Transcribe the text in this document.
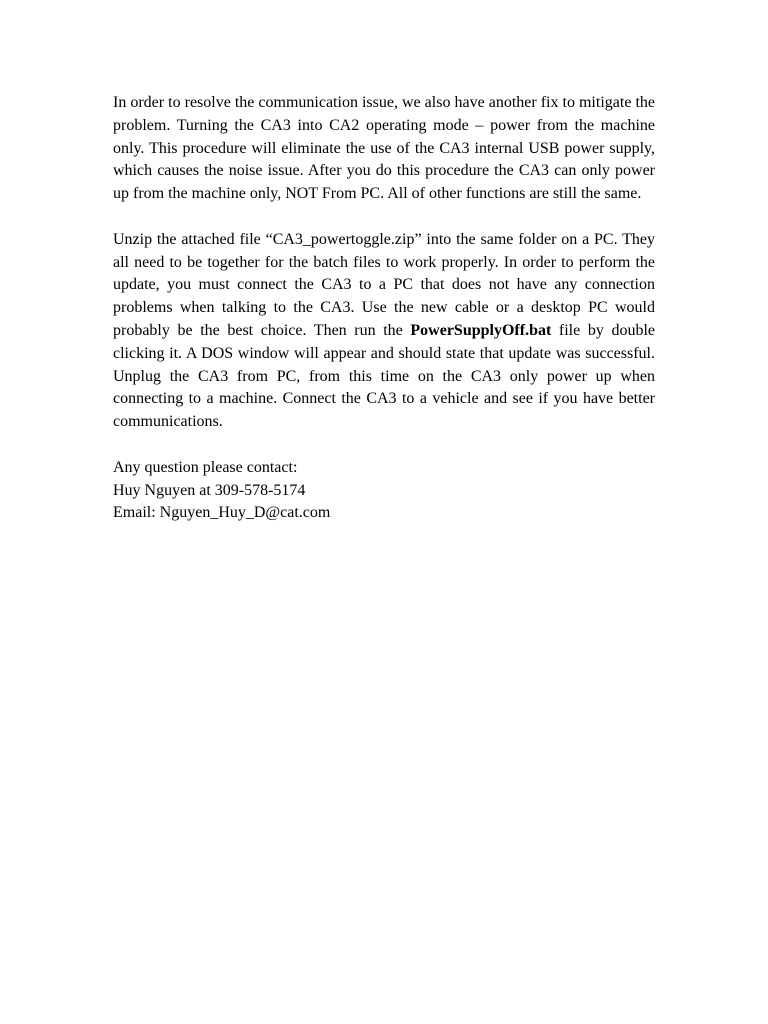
In order to resolve the communication issue, we also have another fix to mitigate the problem. Turning the CA3 into CA2 operating mode – power from the machine only. This procedure will eliminate the use of the CA3 internal USB power supply, which causes the noise issue. After you do this procedure the CA3 can only power up from the machine only, NOT From PC. All of other functions are still the same.

Unzip the attached file “CA3_powertoggle.zip” into the same folder on a PC. They all need to be together for the batch files to work properly. In order to perform the update, you must connect the CA3 to a PC that does not have any connection problems when talking to the CA3. Use the new cable or a desktop PC would probably be the best choice. Then run the PowerSupplyOff.bat file by double clicking it. A DOS window will appear and should state that update was successful. Unplug the CA3 from PC, from this time on the CA3 only power up when connecting to a machine. Connect the CA3 to a vehicle and see if you have better communications.

Any question please contact:
Huy Nguyen at 309-578-5174
Email: Nguyen_Huy_D@cat.com
